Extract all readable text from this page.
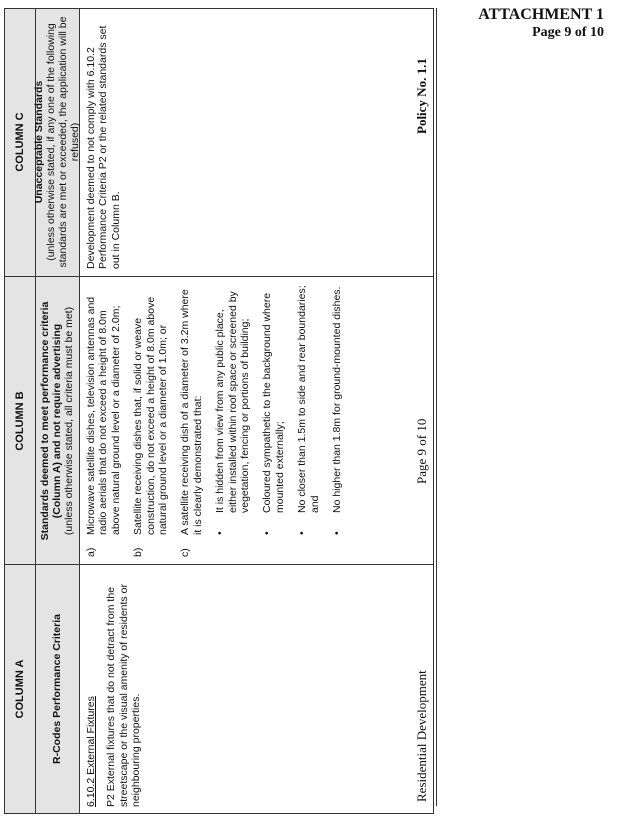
ATTACHMENT 1
Page 9 of 10
COLUMN A
COLUMN B
COLUMN C
R-Codes Performance Criteria
Standards deemed to meet performance criteria (Column A) and not require advertising (unless otherwise stated, all criteria must be met)
Unacceptable Standards (unless otherwise stated, if any one of the following standards are met or exceeded, the application will be refused)
6.10.2 External Fixtures P2 External fixtures that do not detract from the streetscape or the visual amenity of residents or neighbouring properties.
a)
Microwave satellite dishes, television antennas and radio aerials that do not exceed a height of 8.0m above natural ground level or a diameter of 2.0m;
b)
Satellite receiving dishes that, if solid or weave construction, do not exceed a height of 8.0m above natural ground level or a diameter of 1.0m; or
c)
A satellite receiving dish of a diameter of 3.2m where it is clearly demonstrated that: •
It is hidden from view from any public place, either installed within roof space or screened by vegetation, fencing or portions of building;
•
Coloured sympathetic to the background where mounted externally;
•
No closer than 1.5m to side and rear boundaries; and
•
No higher than 1.8m for ground-mounted dishes.
Development deemed to not comply with 6.10.2 Performance Criteria P2 or the related standards set out in Column B.
Residential Development
Page 9 of 10
Policy No. 1.1
